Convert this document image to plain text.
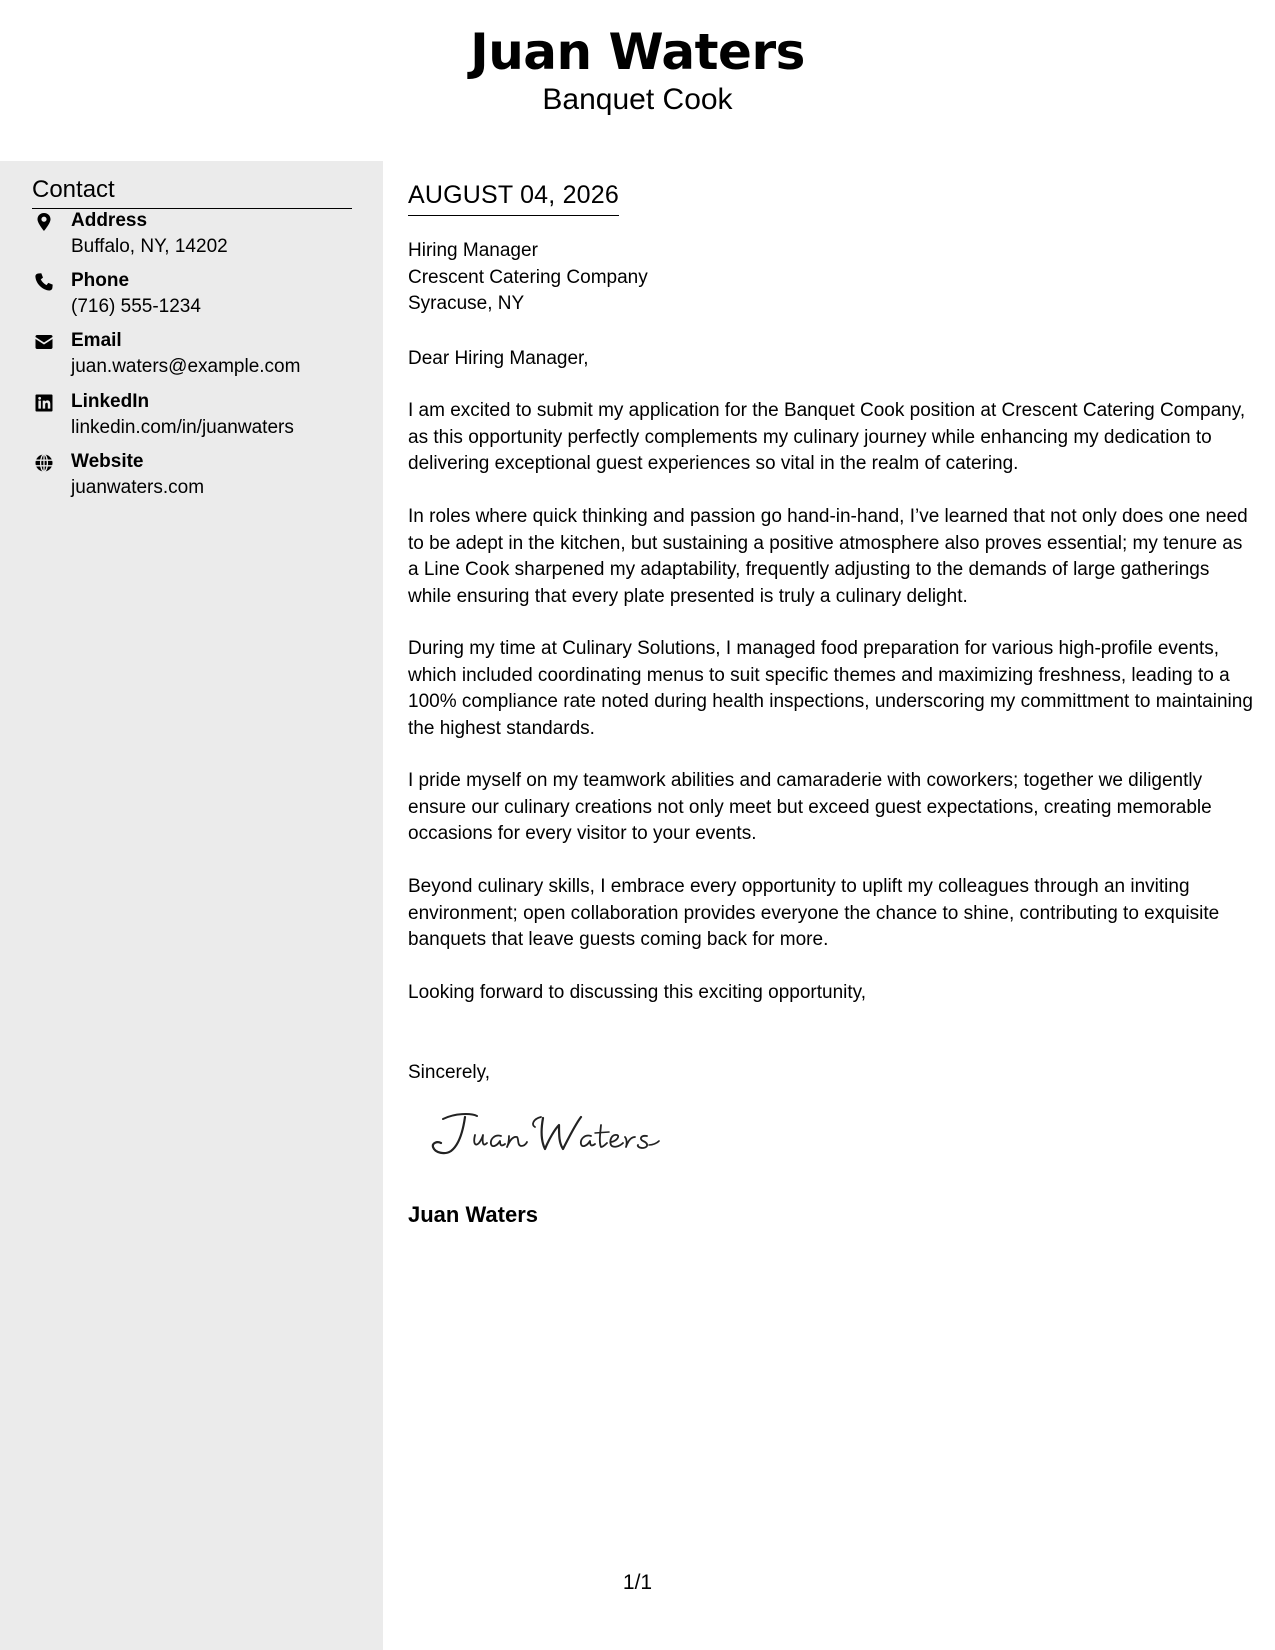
Juan Waters
Banquet Cook
Contact
Address
Buffalo, NY, 14202
Phone
(716) 555-1234
Email
juan.waters@example.com
LinkedIn
linkedin.com/in/juanwaters
Website
juanwaters.com
AUGUST 04, 2026
Hiring Manager
Crescent Catering Company
Syracuse, NY
Dear Hiring Manager,

I am excited to submit my application for the Banquet Cook position at Crescent Catering Company, as this opportunity perfectly complements my culinary journey while enhancing my dedication to delivering exceptional guest experiences so vital in the realm of catering.

In roles where quick thinking and passion go hand-in-hand, I’ve learned that not only does one need to be adept in the kitchen, but sustaining a positive atmosphere also proves essential; my tenure as a Line Cook sharpened my adaptability, frequently adjusting to the demands of large gatherings while ensuring that every plate presented is truly a culinary delight.

During my time at Culinary Solutions, I managed food preparation for various high-profile events, which included coordinating menus to suit specific themes and maximizing freshness, leading to a 100% compliance rate noted during health inspections, underscoring my committment to maintaining the highest standards.

I pride myself on my teamwork abilities and camaraderie with coworkers; together we diligently ensure our culinary creations not only meet but exceed guest expectations, creating memorable occasions for every visitor to your events.

Beyond culinary skills, I embrace every opportunity to uplift my colleagues through an inviting environment; open collaboration provides everyone the chance to shine, contributing to exquisite banquets that leave guests coming back for more.

Looking forward to discussing this exciting opportunity,
Sincerely,
Juan Waters
1/1
